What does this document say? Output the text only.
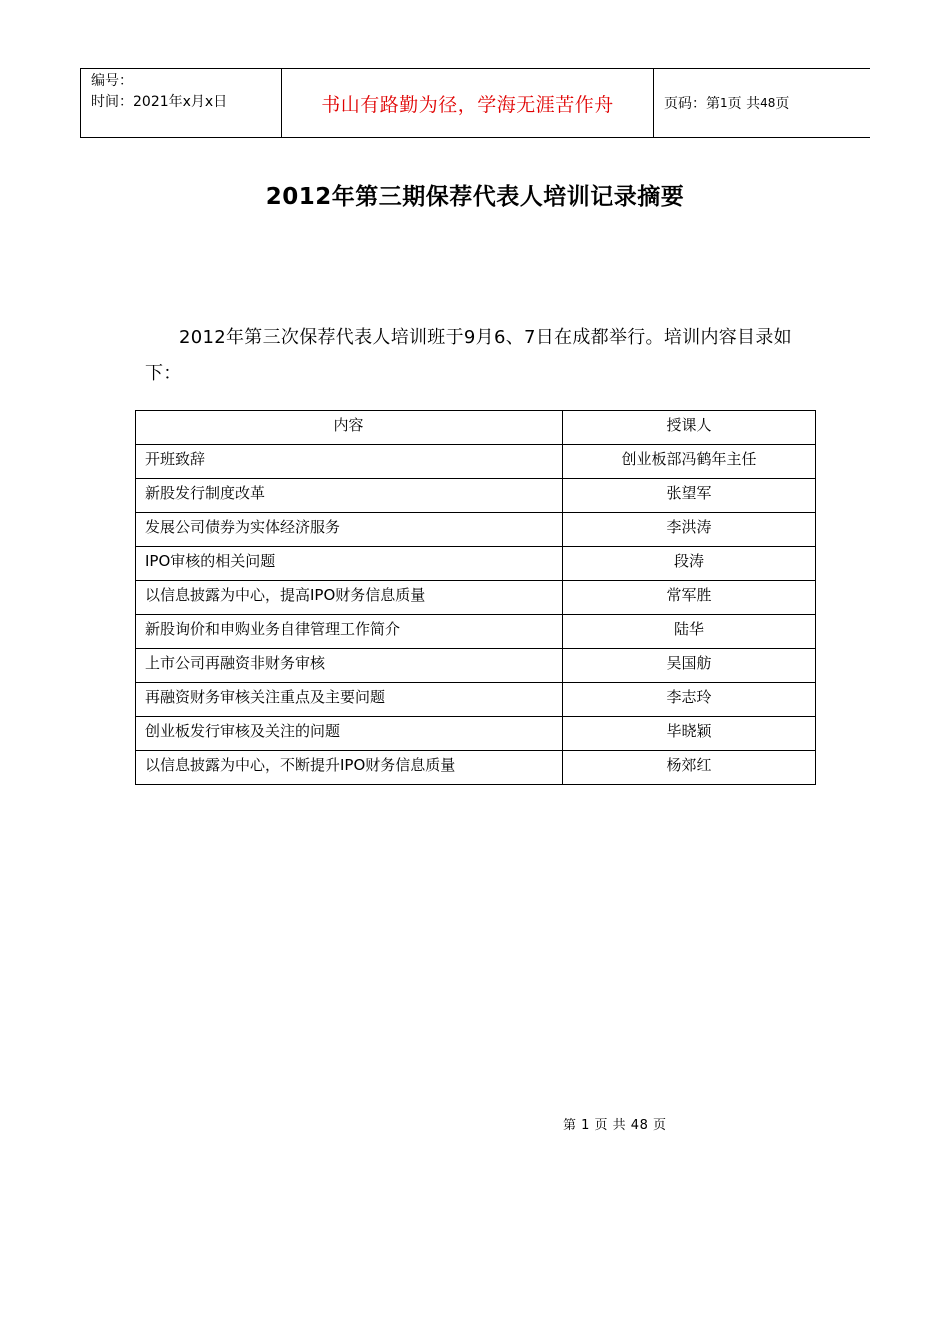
编号：
时间：2021年x月x日	书山有路勤为径，学海无涯苦作舟	页码：第 1 页 共 48 页
2012年第三期保荐代表人培训记录摘要
2012年第三次保荐代表人培训班于9月6、7日在成都举行。培训内容目录如下：
内容	授课人
开班致辞	创业板部冯鹤年主任
新股发行制度改革	张望军
发展公司债券为实体经济服务	李洪涛
IPO审核的相关问题	段涛
以信息披露为中心，提高IPO财务信息质量	常军胜
新股询价和申购业务自律管理工作简介	陆华
上市公司再融资非财务审核	吴国舫
再融资财务审核关注重点及主要问题	李志玲
创业板发行审核及关注的问题	毕晓颖
以信息披露为中心，不断提升IPO财务信息质量	杨郊红
第 1 页 共 48 页
